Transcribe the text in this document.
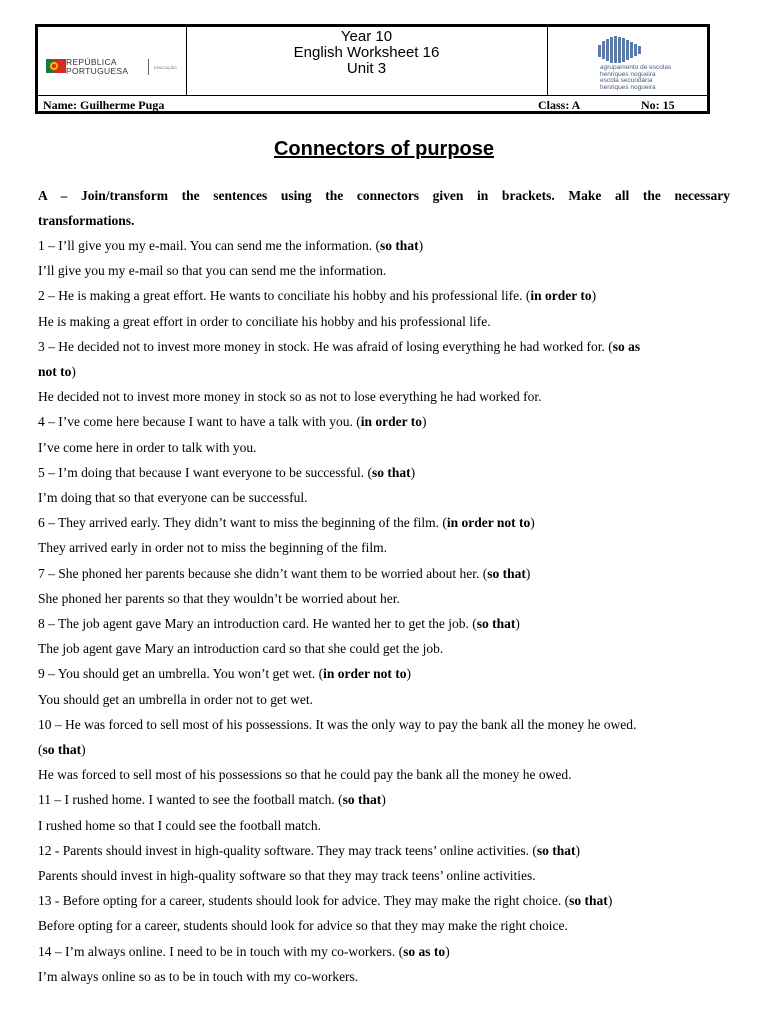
REPÚBLICA
PORTUGUESA	EDUCAÇÃO
Year 10
English Worksheet 16
Unit 3	agrupamento de escolas
henriques nogueira
escola secundária
henriques nogueira
Name: Guilherme Puga	Class: A	No: 15
Connectors of purpose
A – Join/transform the sentences using the connectors given in brackets. Make all the necessary
transformations.
1 – I’ll give you my e-mail. You can send me the information. (so that)
I’ll give you my e-mail so that you can send me the information.
2 – He is making a great effort. He wants to conciliate his hobby and his professional life. (in order to)
He is making a great effort in order to conciliate his hobby and his professional life.
3 – He decided not to invest more money in stock. He was afraid of losing everything he had worked for. (so as
not to)
He decided not to invest more money in stock so as not to lose everything he had worked for.
4 – I’ve come here because I want to have a talk with you. (in order to)
I’ve come here in order to talk with you.
5 – I’m doing that because I want everyone to be successful. (so that)
I’m doing that so that everyone can be successful.
6 – They arrived early. They didn’t want to miss the beginning of the film. (in order not to)
They arrived early in order not to miss the beginning of the film.
7 – She phoned her parents because she didn’t want them to be worried about her. (so that)
She phoned her parents so that they wouldn’t be worried about her.
8 – The job agent gave Mary an introduction card. He wanted her to get the job. (so that)
The job agent gave Mary an introduction card so that she could get the job.
9 – You should get an umbrella. You won’t get wet. (in order not to)
You should get an umbrella in order not to get wet.
10 – He was forced to sell most of his possessions. It was the only way to pay the bank all the money he owed.
(so that)
He was forced to sell most of his possessions so that he could pay the bank all the money he owed.
11 – I rushed home. I wanted to see the football match. (so that)
I rushed home so that I could see the football match.
12 - Parents should invest in high-quality software. They may track teens’ online activities. (so that)
Parents should invest in high-quality software so that they may track teens’ online activities.
13 - Before opting for a career, students should look for advice. They may make the right choice. (so that)
Before opting for a career, students should look for advice so that they may make the right choice.
14 – I’m always online. I need to be in touch with my co-workers. (so as to)
I’m always online so as to be in touch with my co-workers.
